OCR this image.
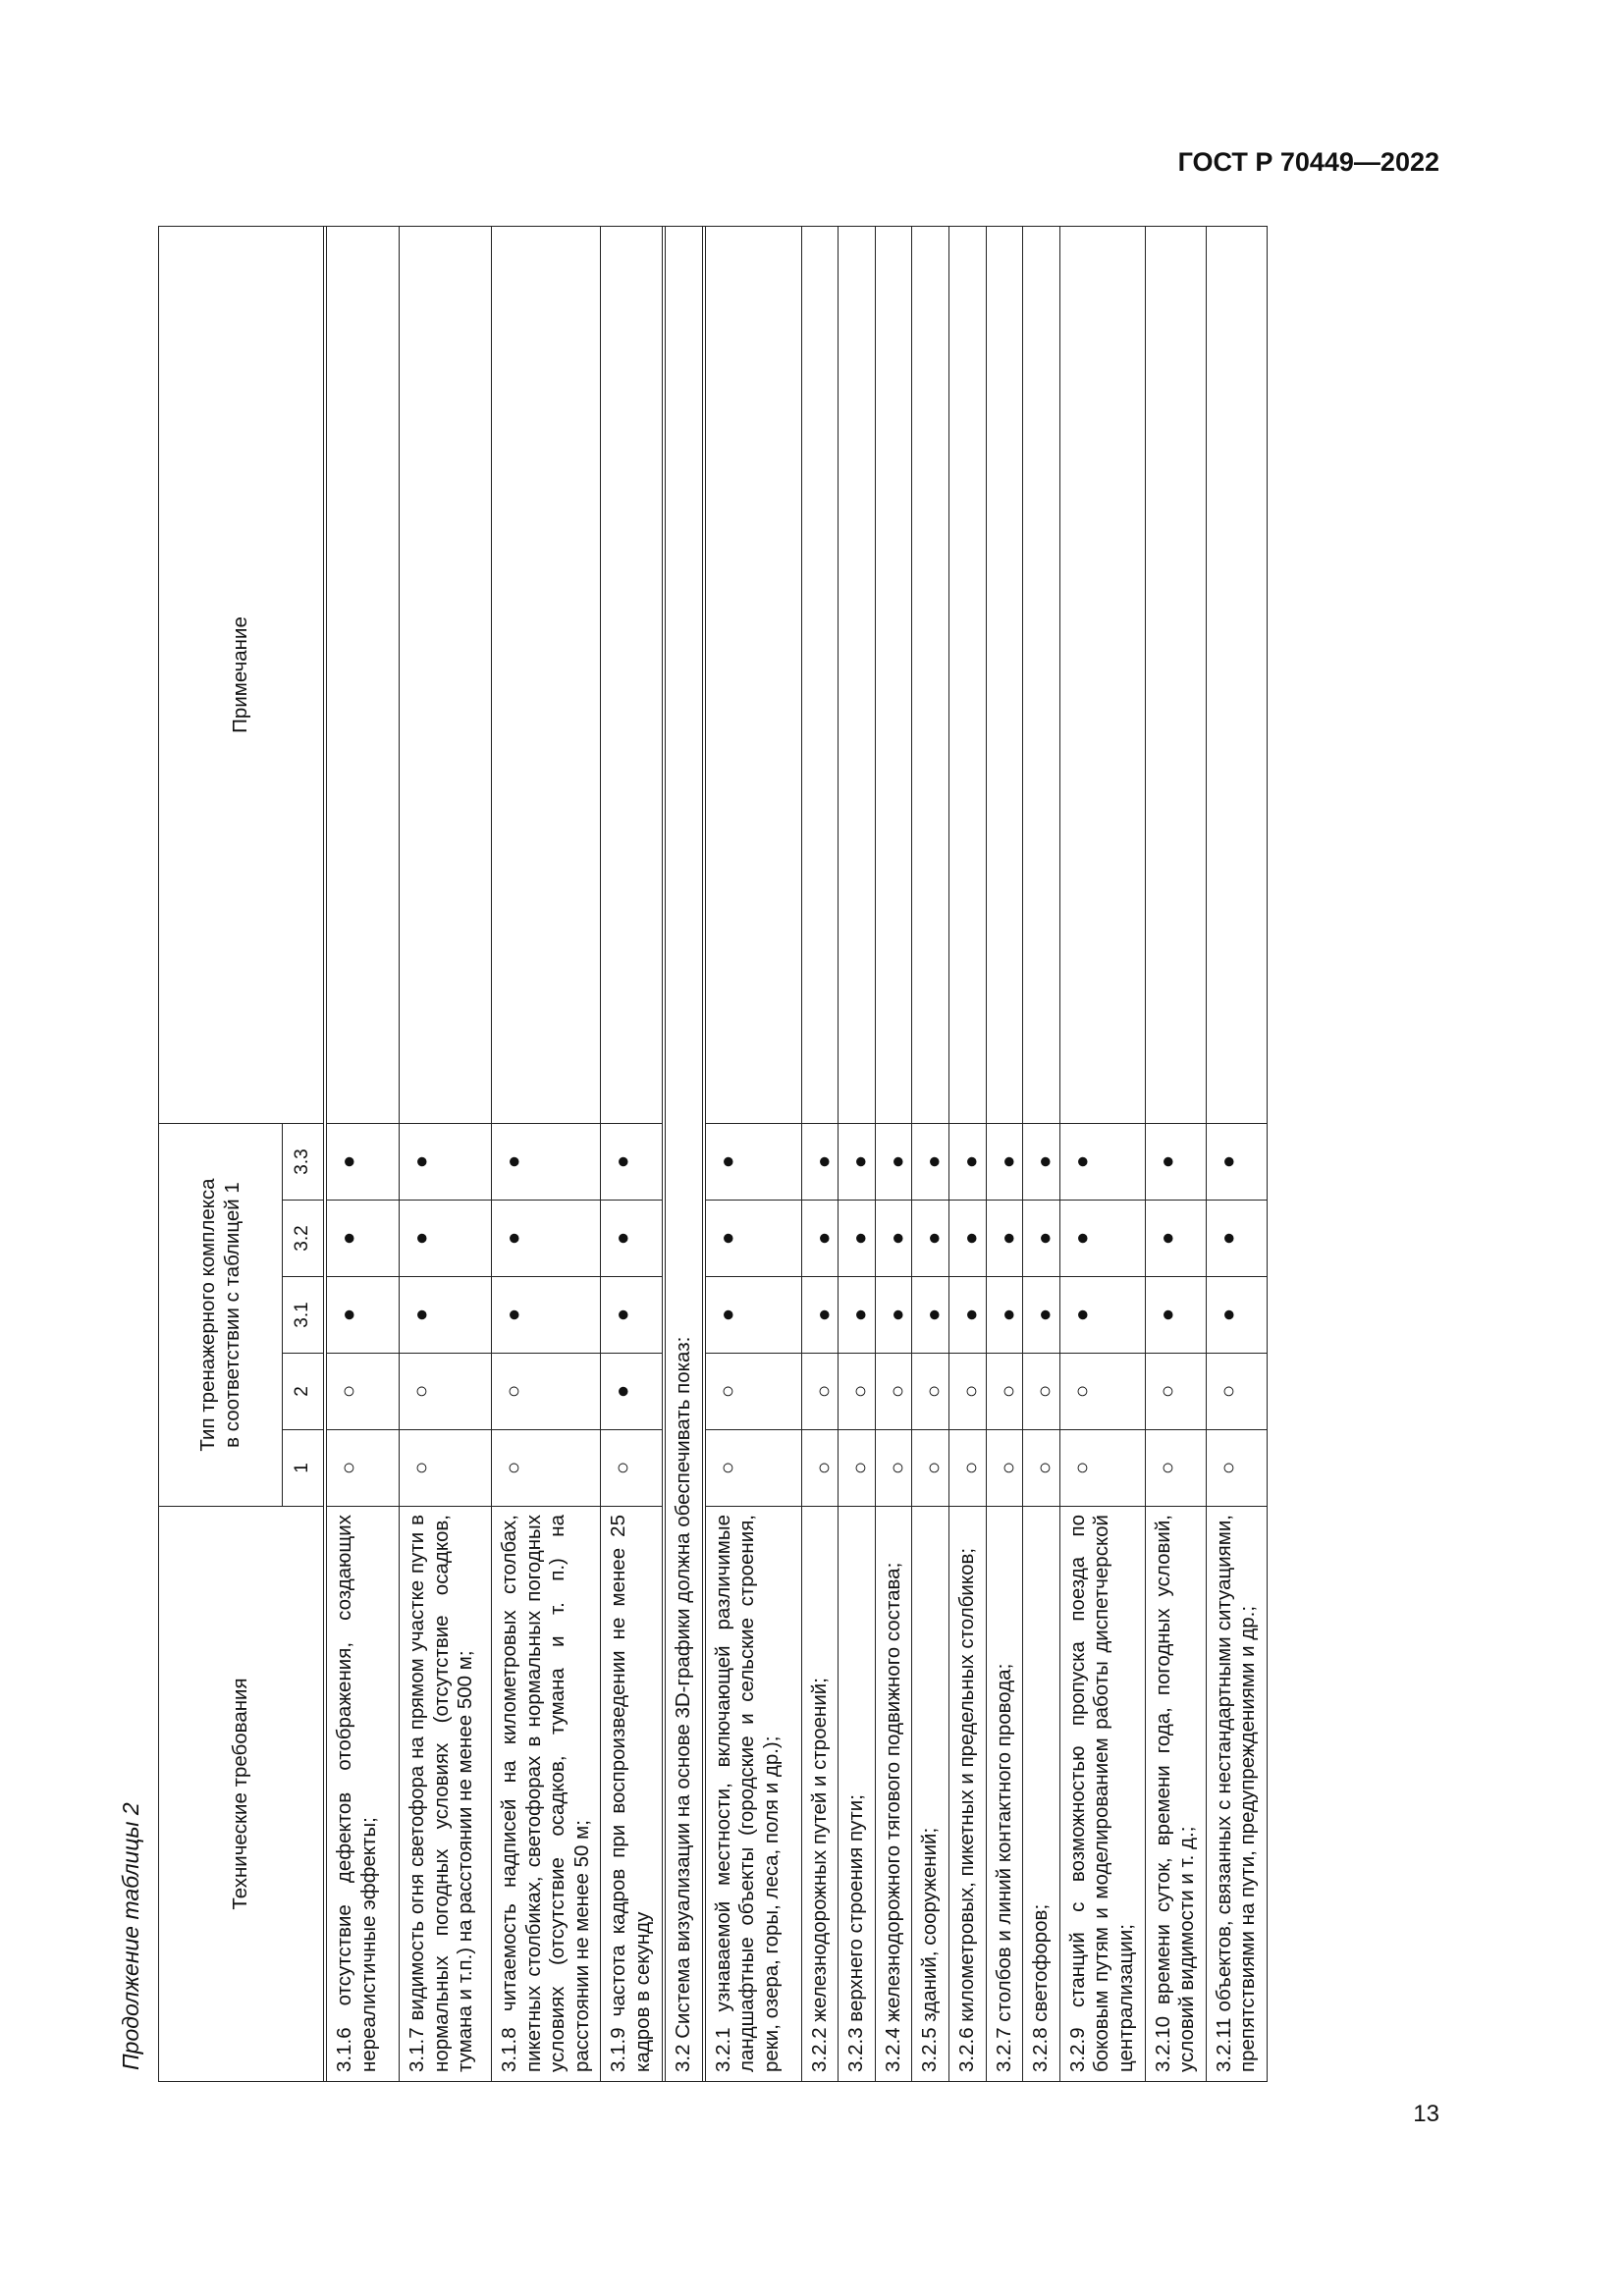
ГОСТ Р 70449—2022
13
Продолжение таблицы 2
Технические требования	Тип тренажерного комплекса
в соответствии с таблицей 1					Примечание
	1	2	3.1	3.2	3.3	

3.1.6 отсутствие дефектов отображения, создающих нереалистичные эффекты;	○	○	●	●	●	
3.1.7 видимость огня светофора на прямом участке пути в нормальных погодных условиях (отсутствие осадков, тумана и т.п.) на расстоянии не менее 500 м;	○	○	●	●	●	
3.1.8 читаемость надписей на километровых столбах, пикетных столбиках, светофорах в нормальных погодных условиях (отсутствие осадков, тумана и т. п.) на расстоянии не менее 50 м;	○	○	●	●	●	
3.1.9 частота кадров при воспроизведении не менее 25 кадров в секунду	○	●	●	●	●	

3.2 Система визуализации на основе 3D-графики должна обеспечивать показ:						

3.2.1 узнаваемой местности, включающей различимые ландшафтные объекты (городские и сельские строения, реки, озера, горы, леса, поля и др.);	○	○	●	●	●	
3.2.2 железнодорожных путей и строений;	○	○	●	●	●	
3.2.3 верхнего строения пути;	○	○	●	●	●	
3.2.4 железнодорожного тягового подвижного состава;	○	○	●	●	●	
3.2.5 зданий, сооружений;	○	○	●	●	●	
3.2.6 километровых, пикетных и предельных столбиков;	○	○	●	●	●	
3.2.7 столбов и линий контактного провода;	○	○	●	●	●	
3.2.8 светофоров;	○	○	●	●	●	
3.2.9 станций с возможностью пропуска поезда по боковым путям и моделированием работы диспетчерской централизации;	○	○	●	●	●	
3.2.10 времени суток, времени года, погодных условий, условий видимости и т. д.;	○	○	●	●	●	
3.2.11 объектов, связанных с нестандартными ситуациями, препятствиями на пути, предупреждениями и др.;	○	○	●	●	●	
